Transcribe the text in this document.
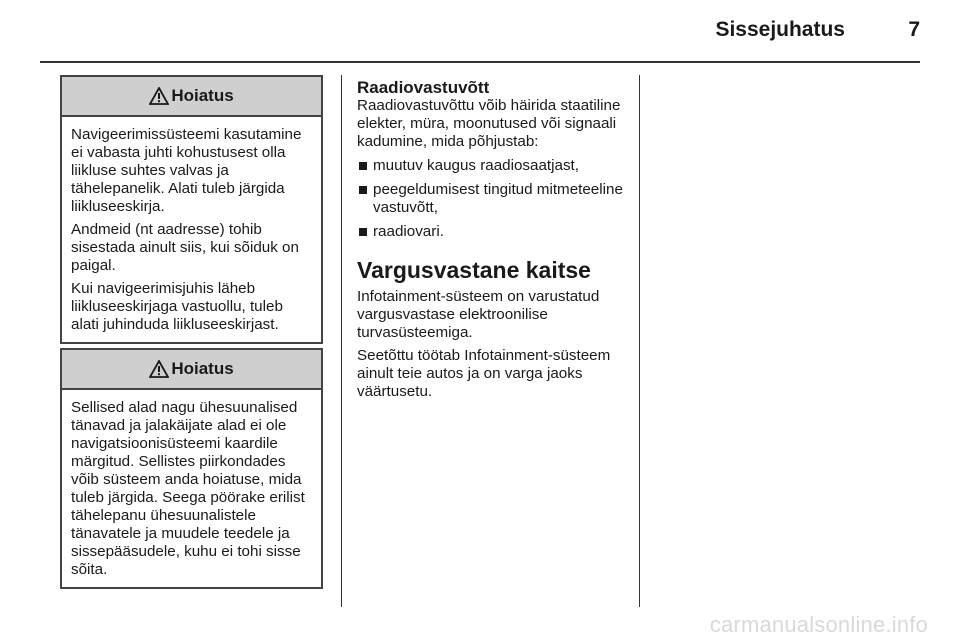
Sissejuhatus	7
Hoiatus

Navigeerimissüsteemi kasutamine ei vabasta juhti kohustusest olla liikluse suhtes valvas ja tähelepanelik. Alati tuleb järgida liikluseeskirja.

Andmeid (nt aadresse) tohib sisestada ainult siis, kui sõiduk on paigal.

Kui navigeerimisjuhis läheb liikluseeskirjaga vastuollu, tuleb alati juhinduda liikluseeskirjast.

Hoiatus

Sellised alad nagu ühesuunalised tänavad ja jalakäijate alad ei ole navigatsioonisüsteemi kaardile märgitud. Sellistes piirkondades võib süsteem anda hoiatuse, mida tuleb järgida. Seega pöörake erilist tähelepanu ühesuunalistele tänavatele ja muudele teedele ja sissepääsudele, kuhu ei tohi sisse sõita.

Raadiovastuvõtt

Raadiovastuvõttu võib häirida staatiline elekter, müra, moonutused või signaali kadumine, mida põhjustab:

muutuv kaugus raadiosaatjast,
peegeldumisest tingitud mitmeteeline vastuvõtt,
raadiovari.
Vargusvastane kaitse

Infotainment-süsteem on varustatud vargusvastase elektroonilise turvasüsteemiga.

Seetõttu töötab Infotainment-süsteem ainult teie autos ja on varga jaoks väärtusetu.

carmanualsonline.info
